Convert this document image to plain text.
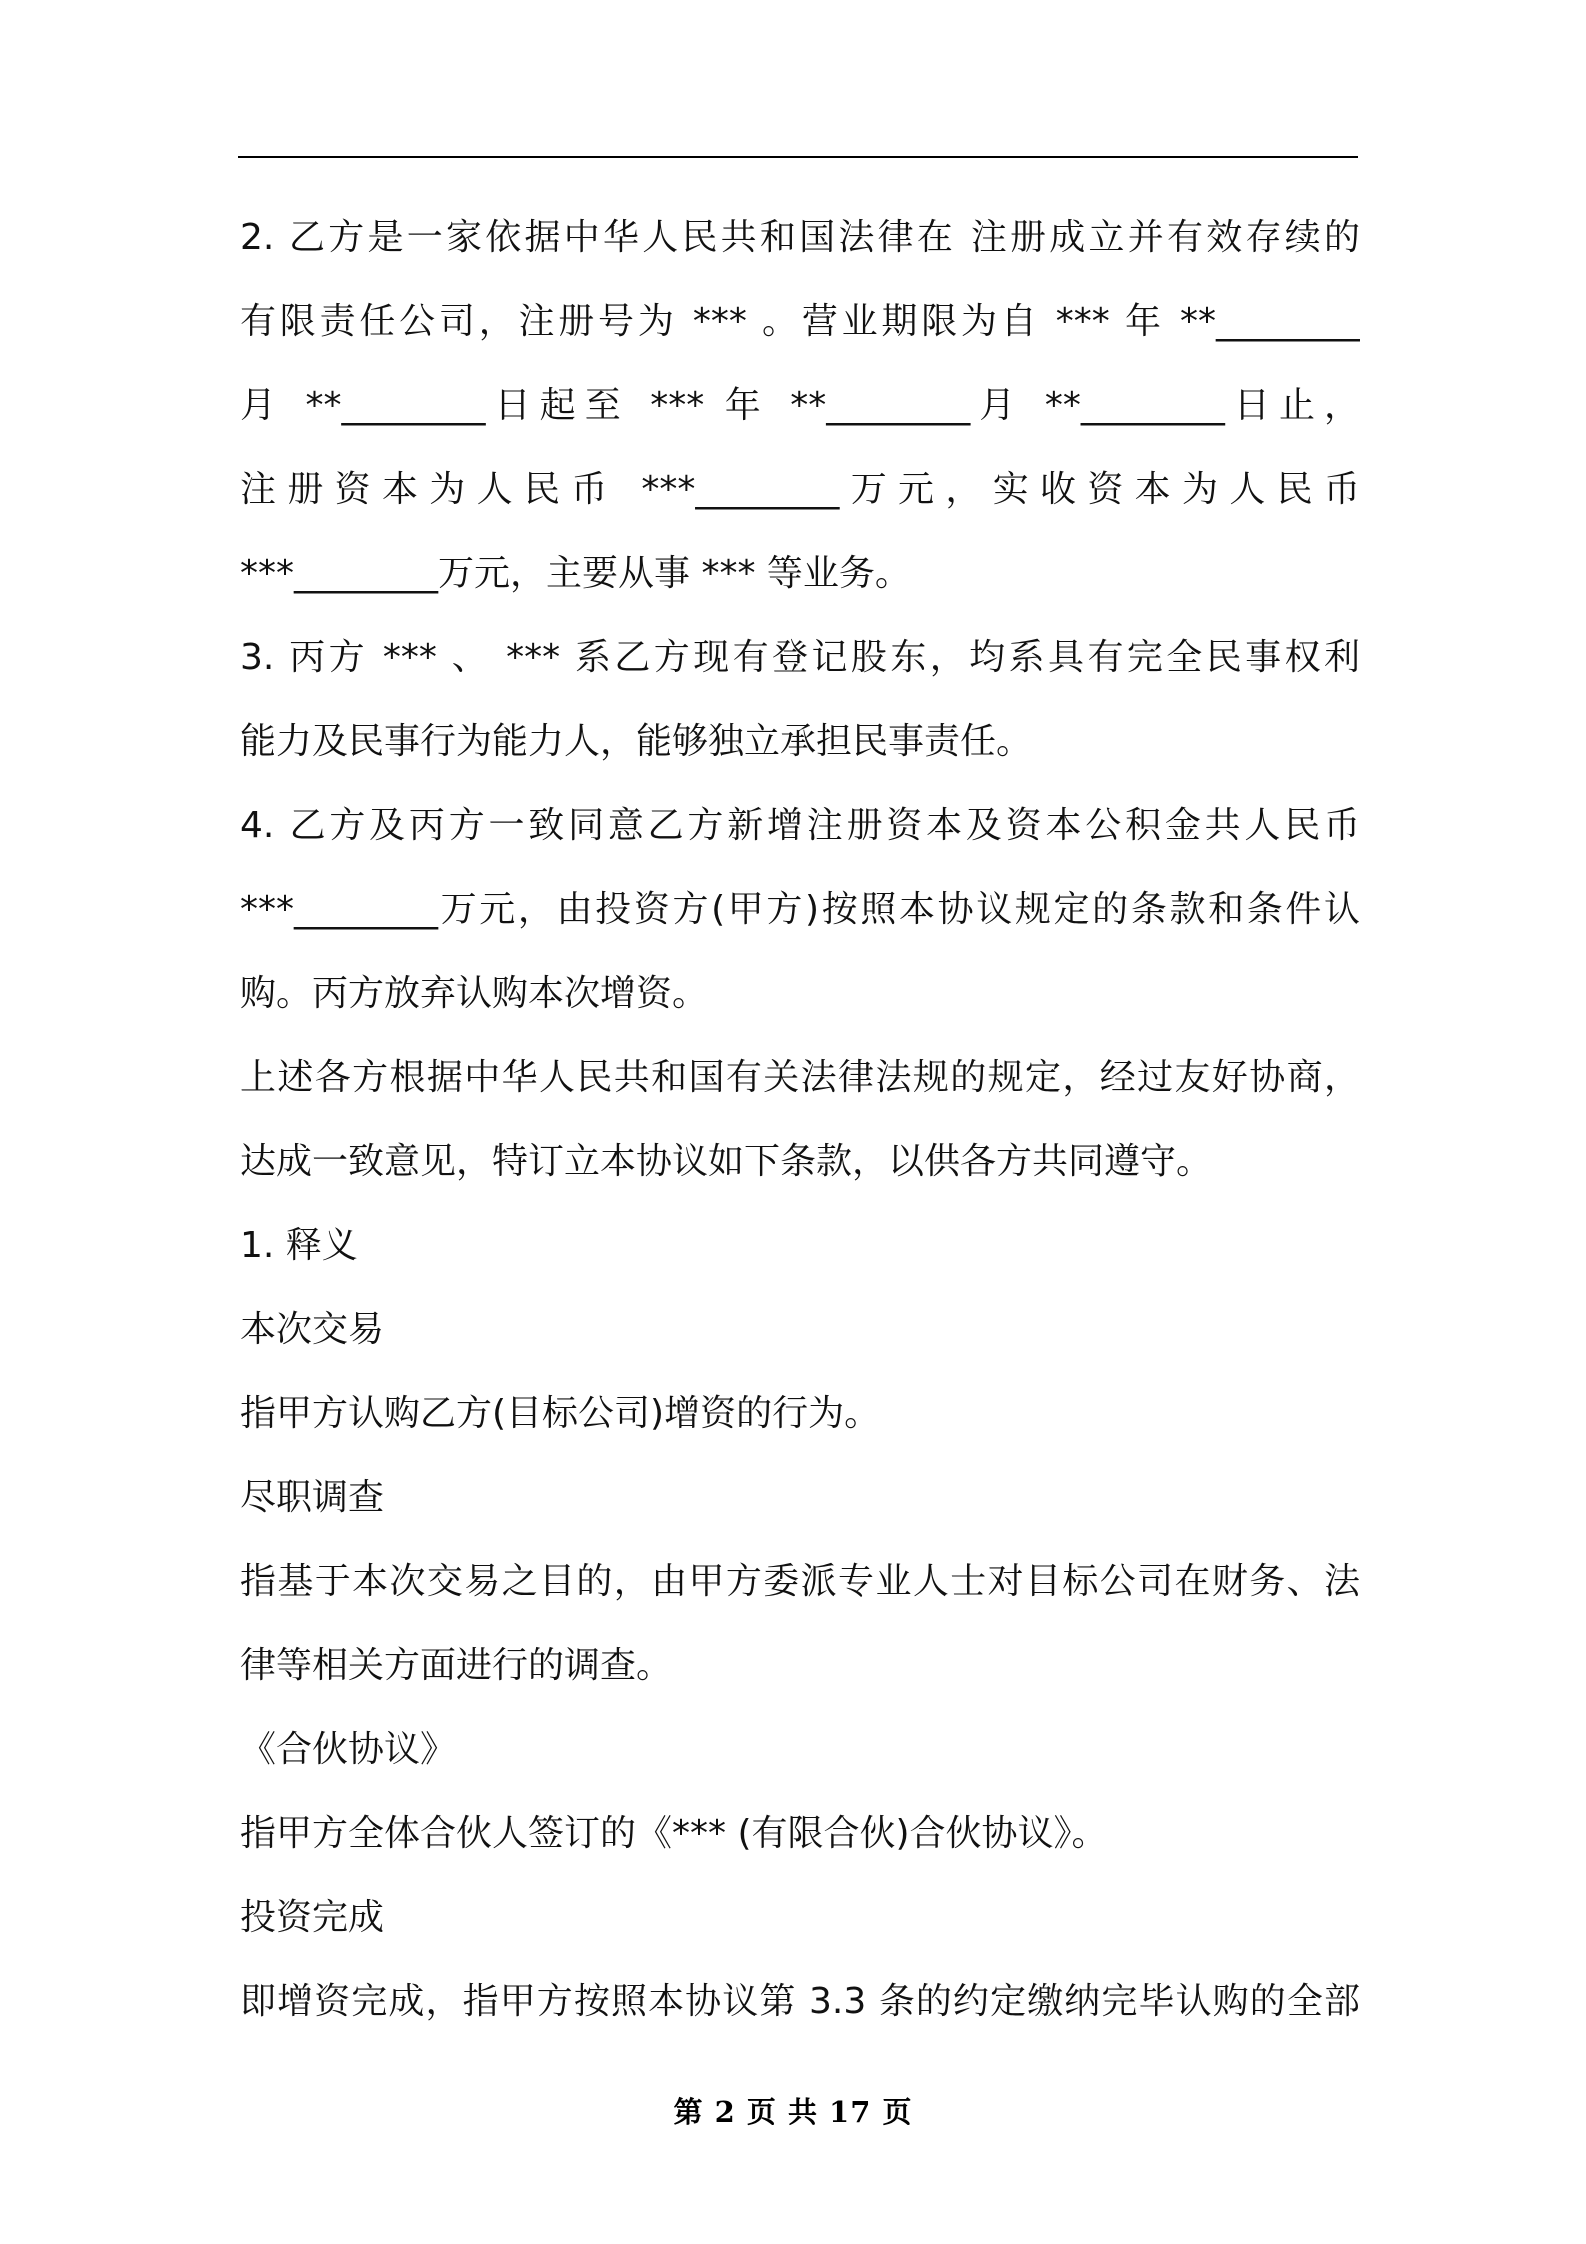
2. 乙方是一家依据中华人民共和国法律在 注册成立并有效存续的
有限责任公司，注册号为 *** 。营业期限为自 *** 年 **________
月 **________日起至 *** 年 **________月 **________日止，
注册资本为人民币 ***________万元，实收资本为人民币
***________万元，主要从事 *** 等业务。
3. 丙方 *** 、 *** 系乙方现有登记股东，均系具有完全民事权利
能力及民事行为能力人，能够独立承担民事责任。
4. 乙方及丙方一致同意乙方新增注册资本及资本公积金共人民币
***________万元，由投资方(甲方)按照本协议规定的条款和条件认
购。丙方放弃认购本次增资。
上述各方根据中华人民共和国有关法律法规的规定，经过友好协商，
达成一致意见，特订立本协议如下条款，以供各方共同遵守。
1. 释义
本次交易
指甲方认购乙方(目标公司)增资的行为。
尽职调查
指基于本次交易之目的，由甲方委派专业人士对目标公司在财务、法
律等相关方面进行的调查。
《合伙协议》
指甲方全体合伙人签订的《*** (有限合伙)合伙协议》。
投资完成
即增资完成，指甲方按照本协议第 3.3 条的约定缴纳完毕认购的全部
第 2 页 共 17 页
